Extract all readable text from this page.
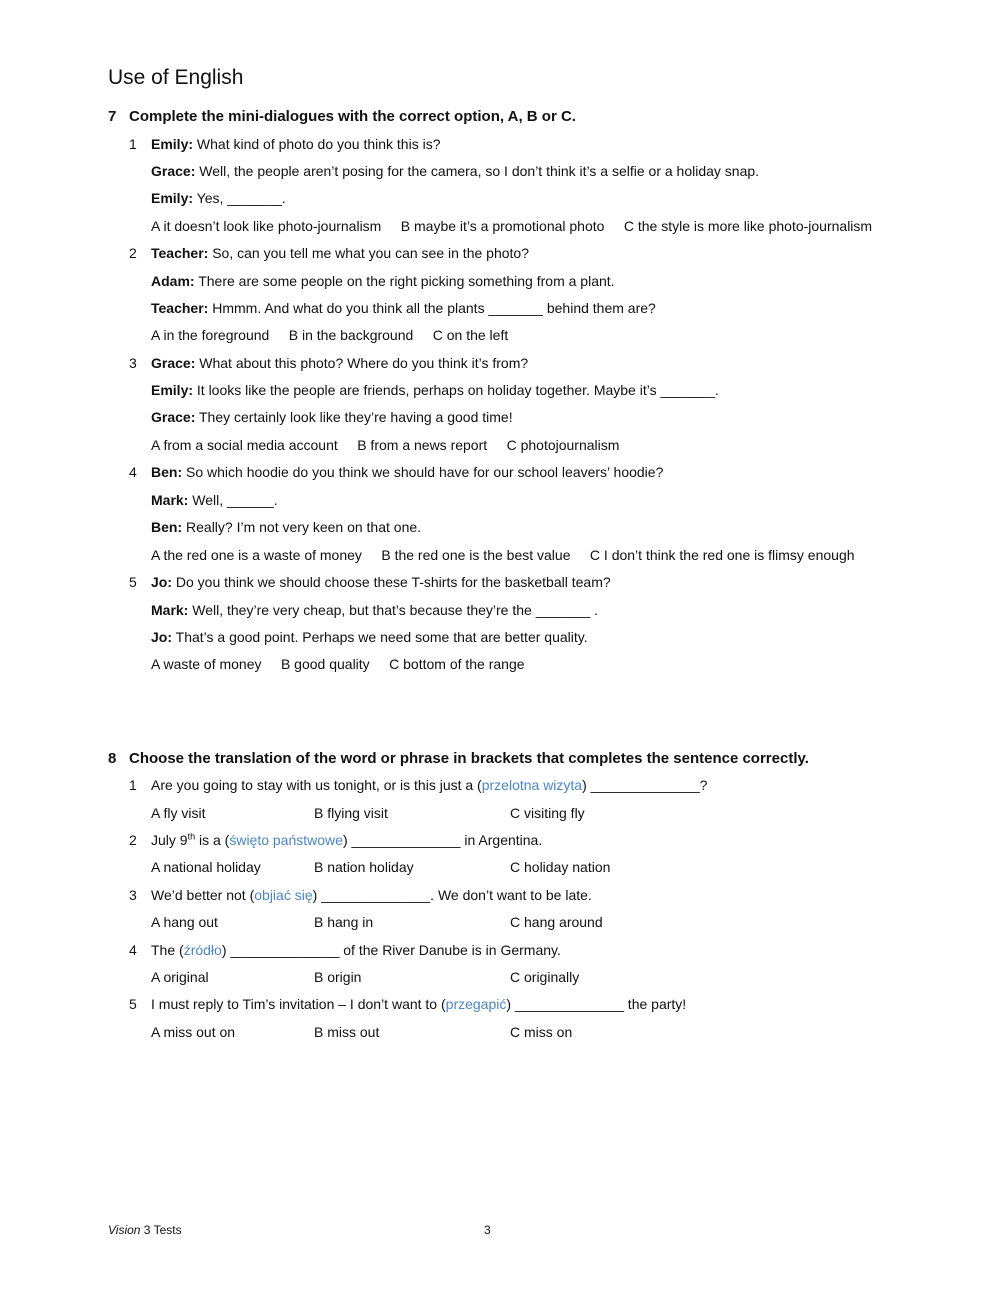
Use of English
7 Complete the mini-dialogues with the correct option, A, B or C.
1 Emily: What kind of photo do you think this is?
Grace: Well, the people aren’t posing for the camera, so I don’t think it’s a selfie or a holiday snap.
Emily: Yes, _______.
A it doesn’t look like photo-journalism     B maybe it’s a promotional photo     C the style is more like photo-journalism
2 Teacher: So, can you tell me what you can see in the photo?
Adam: There are some people on the right picking something from a plant.
Teacher: Hmmm. And what do you think all the plants _______ behind them are?
A in the foreground     B in the background     C on the left
3 Grace: What about this photo? Where do you think it’s from?
Emily: It looks like the people are friends, perhaps on holiday together. Maybe it’s _______.
Grace: They certainly look like they’re having a good time!
A from a social media account     B from a news report     C photojournalism
4 Ben: So which hoodie do you think we should have for our school leavers’ hoodie?
Mark: Well, ______.
Ben: Really? I’m not very keen on that one.
A the red one is a waste of money     B the red one is the best value     C I don’t think the red one is flimsy enough
5 Jo: Do you think we should choose these T-shirts for the basketball team?
Mark: Well, they’re very cheap, but that’s because they’re the _______ .
Jo: That’s a good point. Perhaps we need some that are better quality.
A waste of money     B good quality     C bottom of the range
8 Choose the translation of the word or phrase in brackets that completes the sentence correctly.
1 Are you going to stay with us tonight, or is this just a (przelotna wizyta) ______________?
A fly visit	B flying visit	C visiting fly
2 July 9th is a (święto państwowe) ______________ in Argentina.
A national holiday	B nation holiday	C holiday nation
3 We’d better not (objiać się) ______________. We don’t want to be late.
A hang out	B hang in	C hang around
4 The (źródło) ______________ of the River Danube is in Germany.
A original	B origin	C originally
5 I must reply to Tim’s invitation – I don’t want to (przegapić) ______________ the party!
A miss out on	B miss out	C miss on
Vision 3 Tests	3
